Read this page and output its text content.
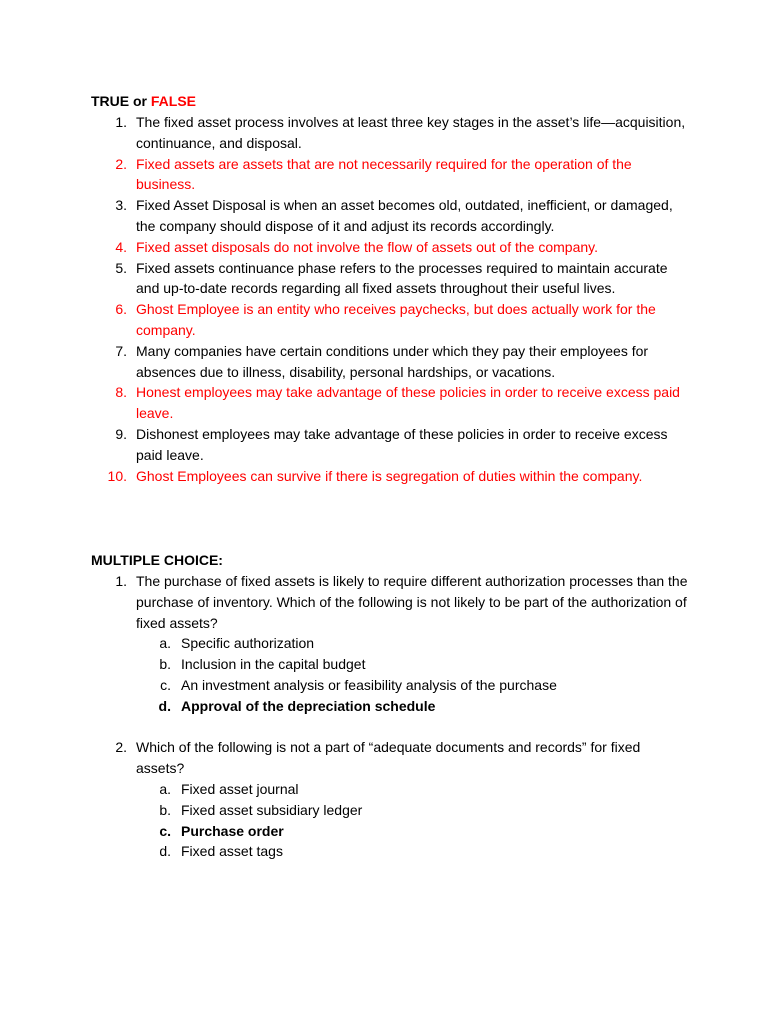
TRUE or FALSE
1. The fixed asset process involves at least three key stages in the asset’s life—acquisition, continuance, and disposal.
2. Fixed assets are assets that are not necessarily required for the operation of the business.
3. Fixed Asset Disposal is when an asset becomes old, outdated, inefficient, or damaged, the company should dispose of it and adjust its records accordingly.
4. Fixed asset disposals do not involve the flow of assets out of the company.
5. Fixed assets continuance phase refers to the processes required to maintain accurate and up-to-date records regarding all fixed assets throughout their useful lives.
6. Ghost Employee is an entity who receives paychecks, but does actually work for the company.
7. Many companies have certain conditions under which they pay their employees for absences due to illness, disability, personal hardships, or vacations.
8. Honest employees may take advantage of these policies in order to receive excess paid leave.
9. Dishonest employees may take advantage of these policies in order to receive excess paid leave.
10. Ghost Employees can survive if there is segregation of duties within the company.
MULTIPLE CHOICE:
1. The purchase of fixed assets is likely to require different authorization processes than the purchase of inventory. Which of the following is not likely to be part of the authorization of fixed assets?
a. Specific authorization
b. Inclusion in the capital budget
c. An investment analysis or feasibility analysis of the purchase
d. Approval of the depreciation schedule
2. Which of the following is not a part of “adequate documents and records” for fixed assets?
a. Fixed asset journal
b. Fixed asset subsidiary ledger
c. Purchase order
d. Fixed asset tags
